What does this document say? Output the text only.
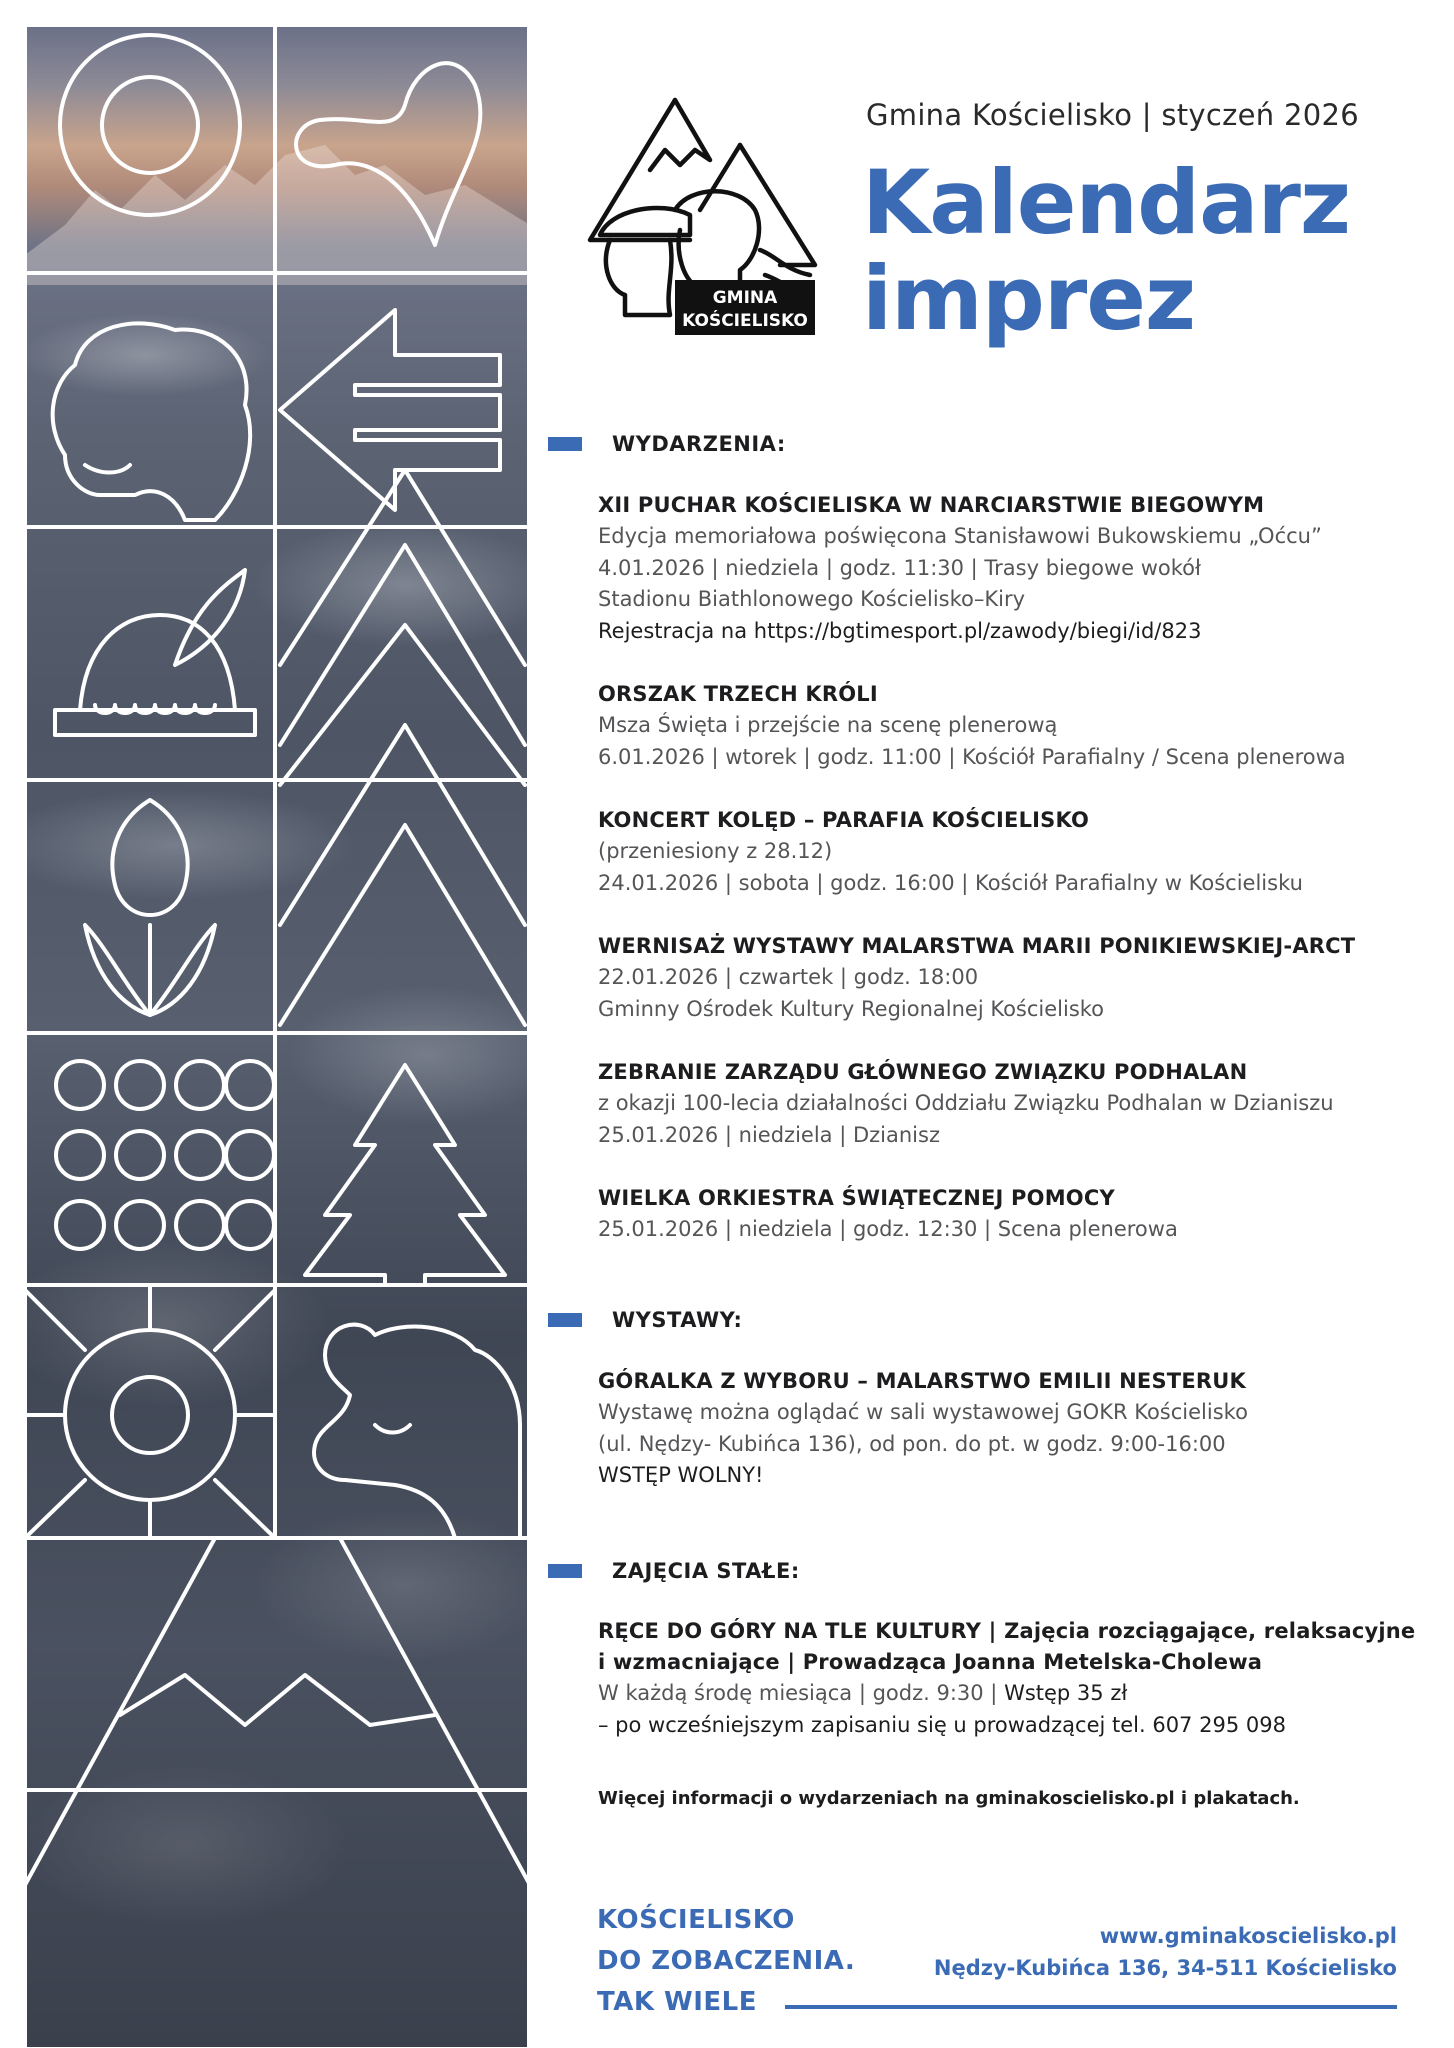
GMINA
KOŚCIELISKO
Gmina Kościelisko | styczeń 2026
Kalendarz
imprez
WYDARZENIA:
XII PUCHAR KOŚCIELISKA W NARCIARSTWIE BIEGOWYM
Edycja memoriałowa poświęcona Stanisławowi Bukowskiemu „Oćcu”
4.01.2026 | niedziela | godz. 11:30 | Trasy biegowe wokół
Stadionu Biathlonowego Kościelisko–Kiry
Rejestracja na https://bgtimesport.pl/zawody/biegi/id/823
ORSZAK TRZECH KRÓLI
Msza Święta i przejście na scenę plenerową
6.01.2026 | wtorek | godz. 11:00 | Kościół Parafialny / Scena plenerowa
KONCERT KOLĘD – PARAFIA KOŚCIELISKO
(przeniesiony z 28.12)
24.01.2026 | sobota | godz. 16:00 | Kościół Parafialny w Kościelisku
WERNISAŻ WYSTAWY MALARSTWA MARII PONIKIEWSKIEJ-ARCT
22.01.2026 | czwartek | godz. 18:00
Gminny Ośrodek Kultury Regionalnej Kościelisko
ZEBRANIE ZARZĄDU GŁÓWNEGO ZWIĄZKU PODHALAN
z okazji 100-lecia działalności Oddziału Związku Podhalan w Dzianiszu
25.01.2026 | niedziela | Dzianisz
WIELKA ORKIESTRA ŚWIĄTECZNEJ POMOCY
25.01.2026 | niedziela | godz. 12:30 | Scena plenerowa
WYSTAWY:
GÓRALKA Z WYBORU – MALARSTWO EMILII NESTERUK
Wystawę można oglądać w sali wystawowej GOKR Kościelisko
(ul. Nędzy- Kubińca 136), od pon. do pt. w godz. 9:00-16:00
WSTĘP WOLNY!
ZAJĘCIA STAŁE:
RĘCE DO GÓRY NA TLE KULTURY | Zajęcia rozciągające, relaksacyjne
i wzmacniające | Prowadząca Joanna Metelska-Cholewa
W każdą środę miesiąca | godz. 9:30 | Wstęp 35 zł
– po wcześniejszym zapisaniu się u prowadzącej tel. 607 295 098
Więcej informacji o wydarzeniach na gminakoscielisko.pl i plakatach.
KOŚCIELISKO
DO ZOBACZENIA.
TAK WIELE
www.gminakoscielisko.pl
Nędzy-Kubińca 136, 34-511 Kościelisko
